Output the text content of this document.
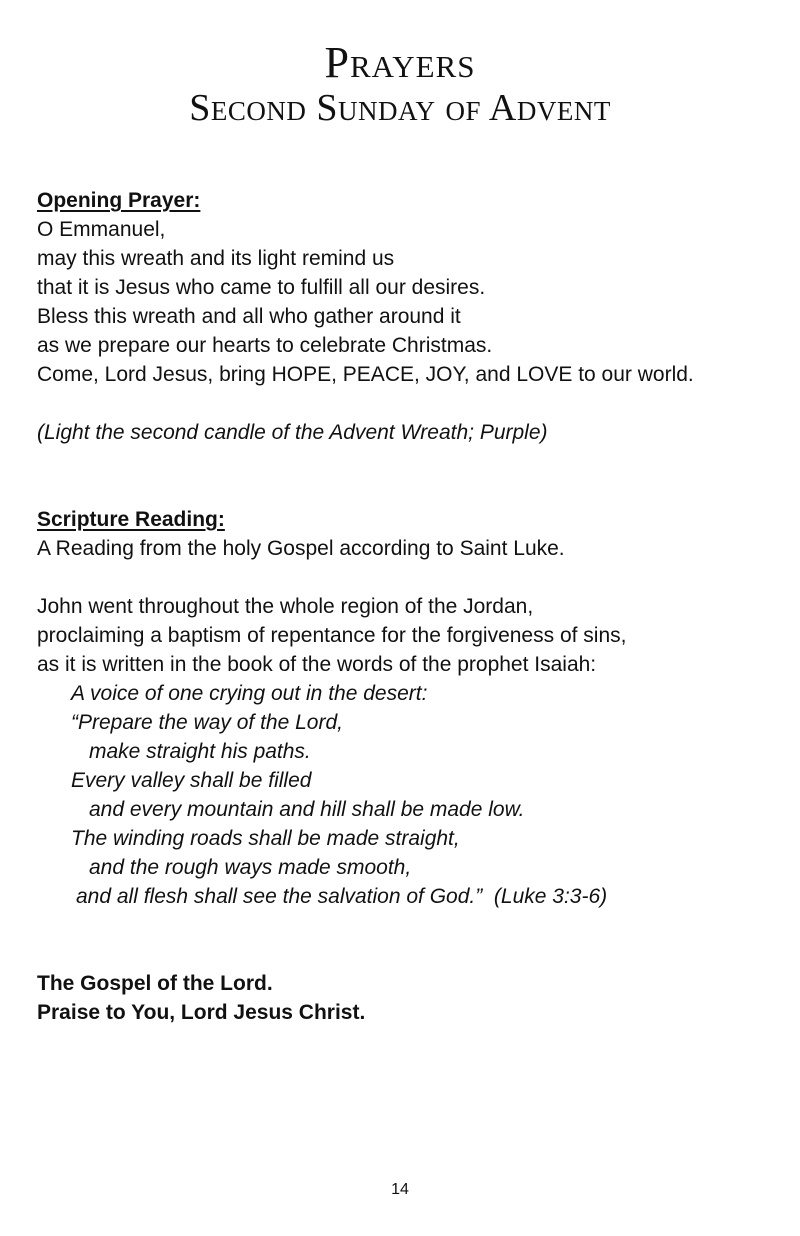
Prayers
Second Sunday of Advent
Opening Prayer:
O Emmanuel,
may this wreath and its light remind us
that it is Jesus who came to fulfill all our desires.
Bless this wreath and all who gather around it
as we prepare our hearts to celebrate Christmas.
Come, Lord Jesus, bring HOPE, PEACE, JOY, and LOVE to our world.
(Light the second candle of the Advent Wreath; Purple)
Scripture Reading:
A Reading from the holy Gospel according to Saint Luke.
John went throughout the whole region of the Jordan,
proclaiming a baptism of repentance for the forgiveness of sins,
as it is written in the book of the words of the prophet Isaiah:
A voice of one crying out in the desert:
“Prepare the way of the Lord,
make straight his paths.
Every valley shall be filled
and every mountain and hill shall be made low.
The winding roads shall be made straight,
and the rough ways made smooth,
and all flesh shall see the salvation of God.”  (Luke 3:3-6)
The Gospel of the Lord.
Praise to You, Lord Jesus Christ.
14
